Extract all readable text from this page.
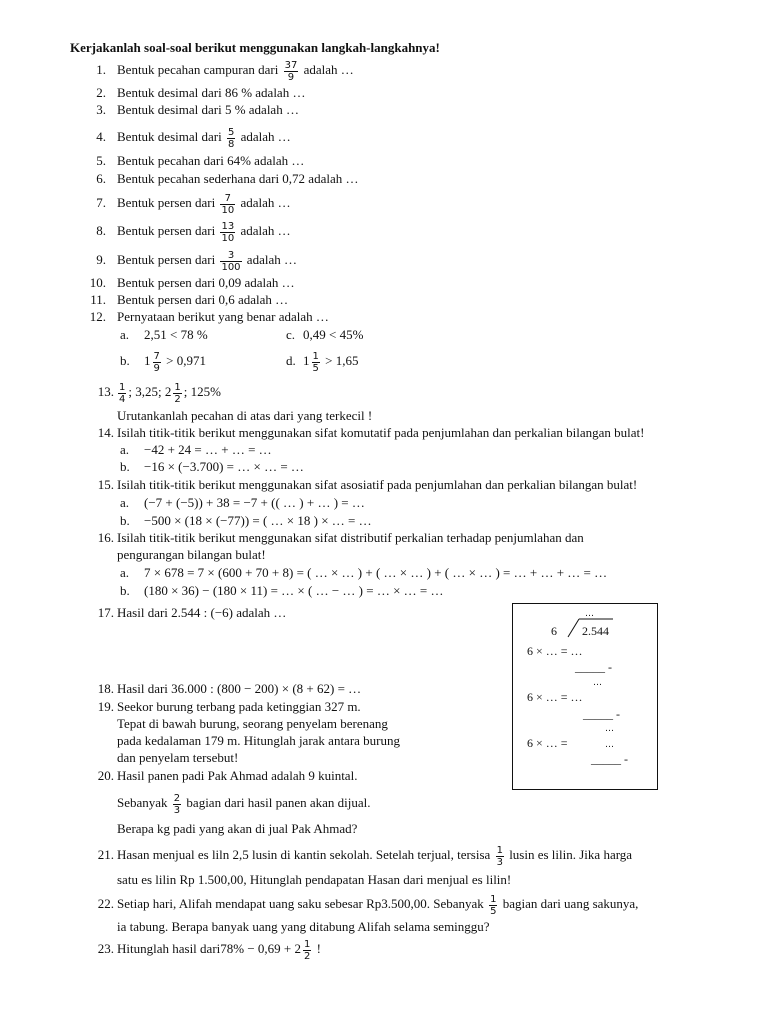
Kerjakanlah soal-soal berikut menggunakan langkah-langkahnya!
1. Bentuk pecahan campuran dari $\frac{37}{9}$ adalah …
2. Bentuk desimal dari 86 % adalah …
3. Bentuk desimal dari 5 % adalah …
4. Bentuk desimal dari $\frac{5}{8}$ adalah …
5. Bentuk pecahan dari 64% adalah …
6. Bentuk pecahan sederhana dari 0,72 adalah …
7. Bentuk persen dari $\frac{7}{10}$ adalah …
8. Bentuk persen dari $\frac{13}{10}$ adalah …
9. Bentuk persen dari $\frac{3}{100}$ adalah …
10. Bentuk persen dari 0,09 adalah …
11. Bentuk persen dari 0,6 adalah …
12. Pernyataan berikut yang benar adalah …
a. 2,51 < 78 %	c. 0,49 < 45%
b. $1 \frac{7}{9} > 0,971$	d. $1 \frac{1}{5} > 1,65$
13. $\frac{1}{4}$ ; 3,25; $2 \frac{1}{2}$ ; 125%
Urutankanlah pecahan di atas dari yang terkecil !
14. Isilah titik-titik berikut menggunakan sifat komutatif pada penjumlahan dan perkalian bilangan bulat!
a. −42 + 24 = … + … = …
b. −16 × (−3.700) = … × … = …
15. Isilah titik-titik berikut menggunakan sifat asosiatif pada penjumlahan dan perkalian bilangan bulat!
a. (−7 + (−5)) + 38 = −7 + (( … ) + … ) = …
b. −500 × (18 × (−77)) = ( … × 18 ) × … = …
16. Isilah titik-titik berikut menggunakan sifat distributif perkalian terhadap penjumlahan dan
pengurangan bilangan bulat!
a. 7 × 678 = 7 × (600 + 70 + 8) = ( … × … ) + ( … × … ) + ( … × … ) = … + … + … = …
b. (180 × 36) − (180 × 11) = … × ( … − … ) = … × … = …
17. Hasil dari 2.544 : (−6) adalah …	…
6 2.544
6 × … = …
_____ -
…
6 × … = …
_____ -
…
6 × … =	…
_____ -
18. Hasil dari 36.000 : (800 − 200) × (8 + 62) = …
19. Seekor burung terbang pada ketinggian 327 m.
Tepat di bawah burung, seorang penyelam berenang
pada kedalaman 179 m. Hitunglah jarak antara burung
dan penyelam tersebut!
20. Hasil panen padi Pak Ahmad adalah 9 kuintal.
Sebanyak $\frac{2}{3}$ bagian dari hasil panen akan dijual.
Berapa kg padi yang akan di jual Pak Ahmad?
21. Hasan menjual es liln 2,5 lusin di kantin sekolah. Setelah terjual, tersisa $\frac{1}{3}$ lusin es lilin. Jika harga
satu es lilin Rp 1.500,00, Hitunglah pendapatan Hasan dari menjual es lilin!
22. Setiap hari, Alifah mendapat uang saku sebesar Rp3.500,00. Sebanyak $\frac{1}{5}$ bagian dari uang sakunya,
ia tabung. Berapa banyak uang yang ditabung Alifah selama seminggu?
23. Hitunglah hasil dari78% − $0,69 + 2 \frac{1}{2}$ !
